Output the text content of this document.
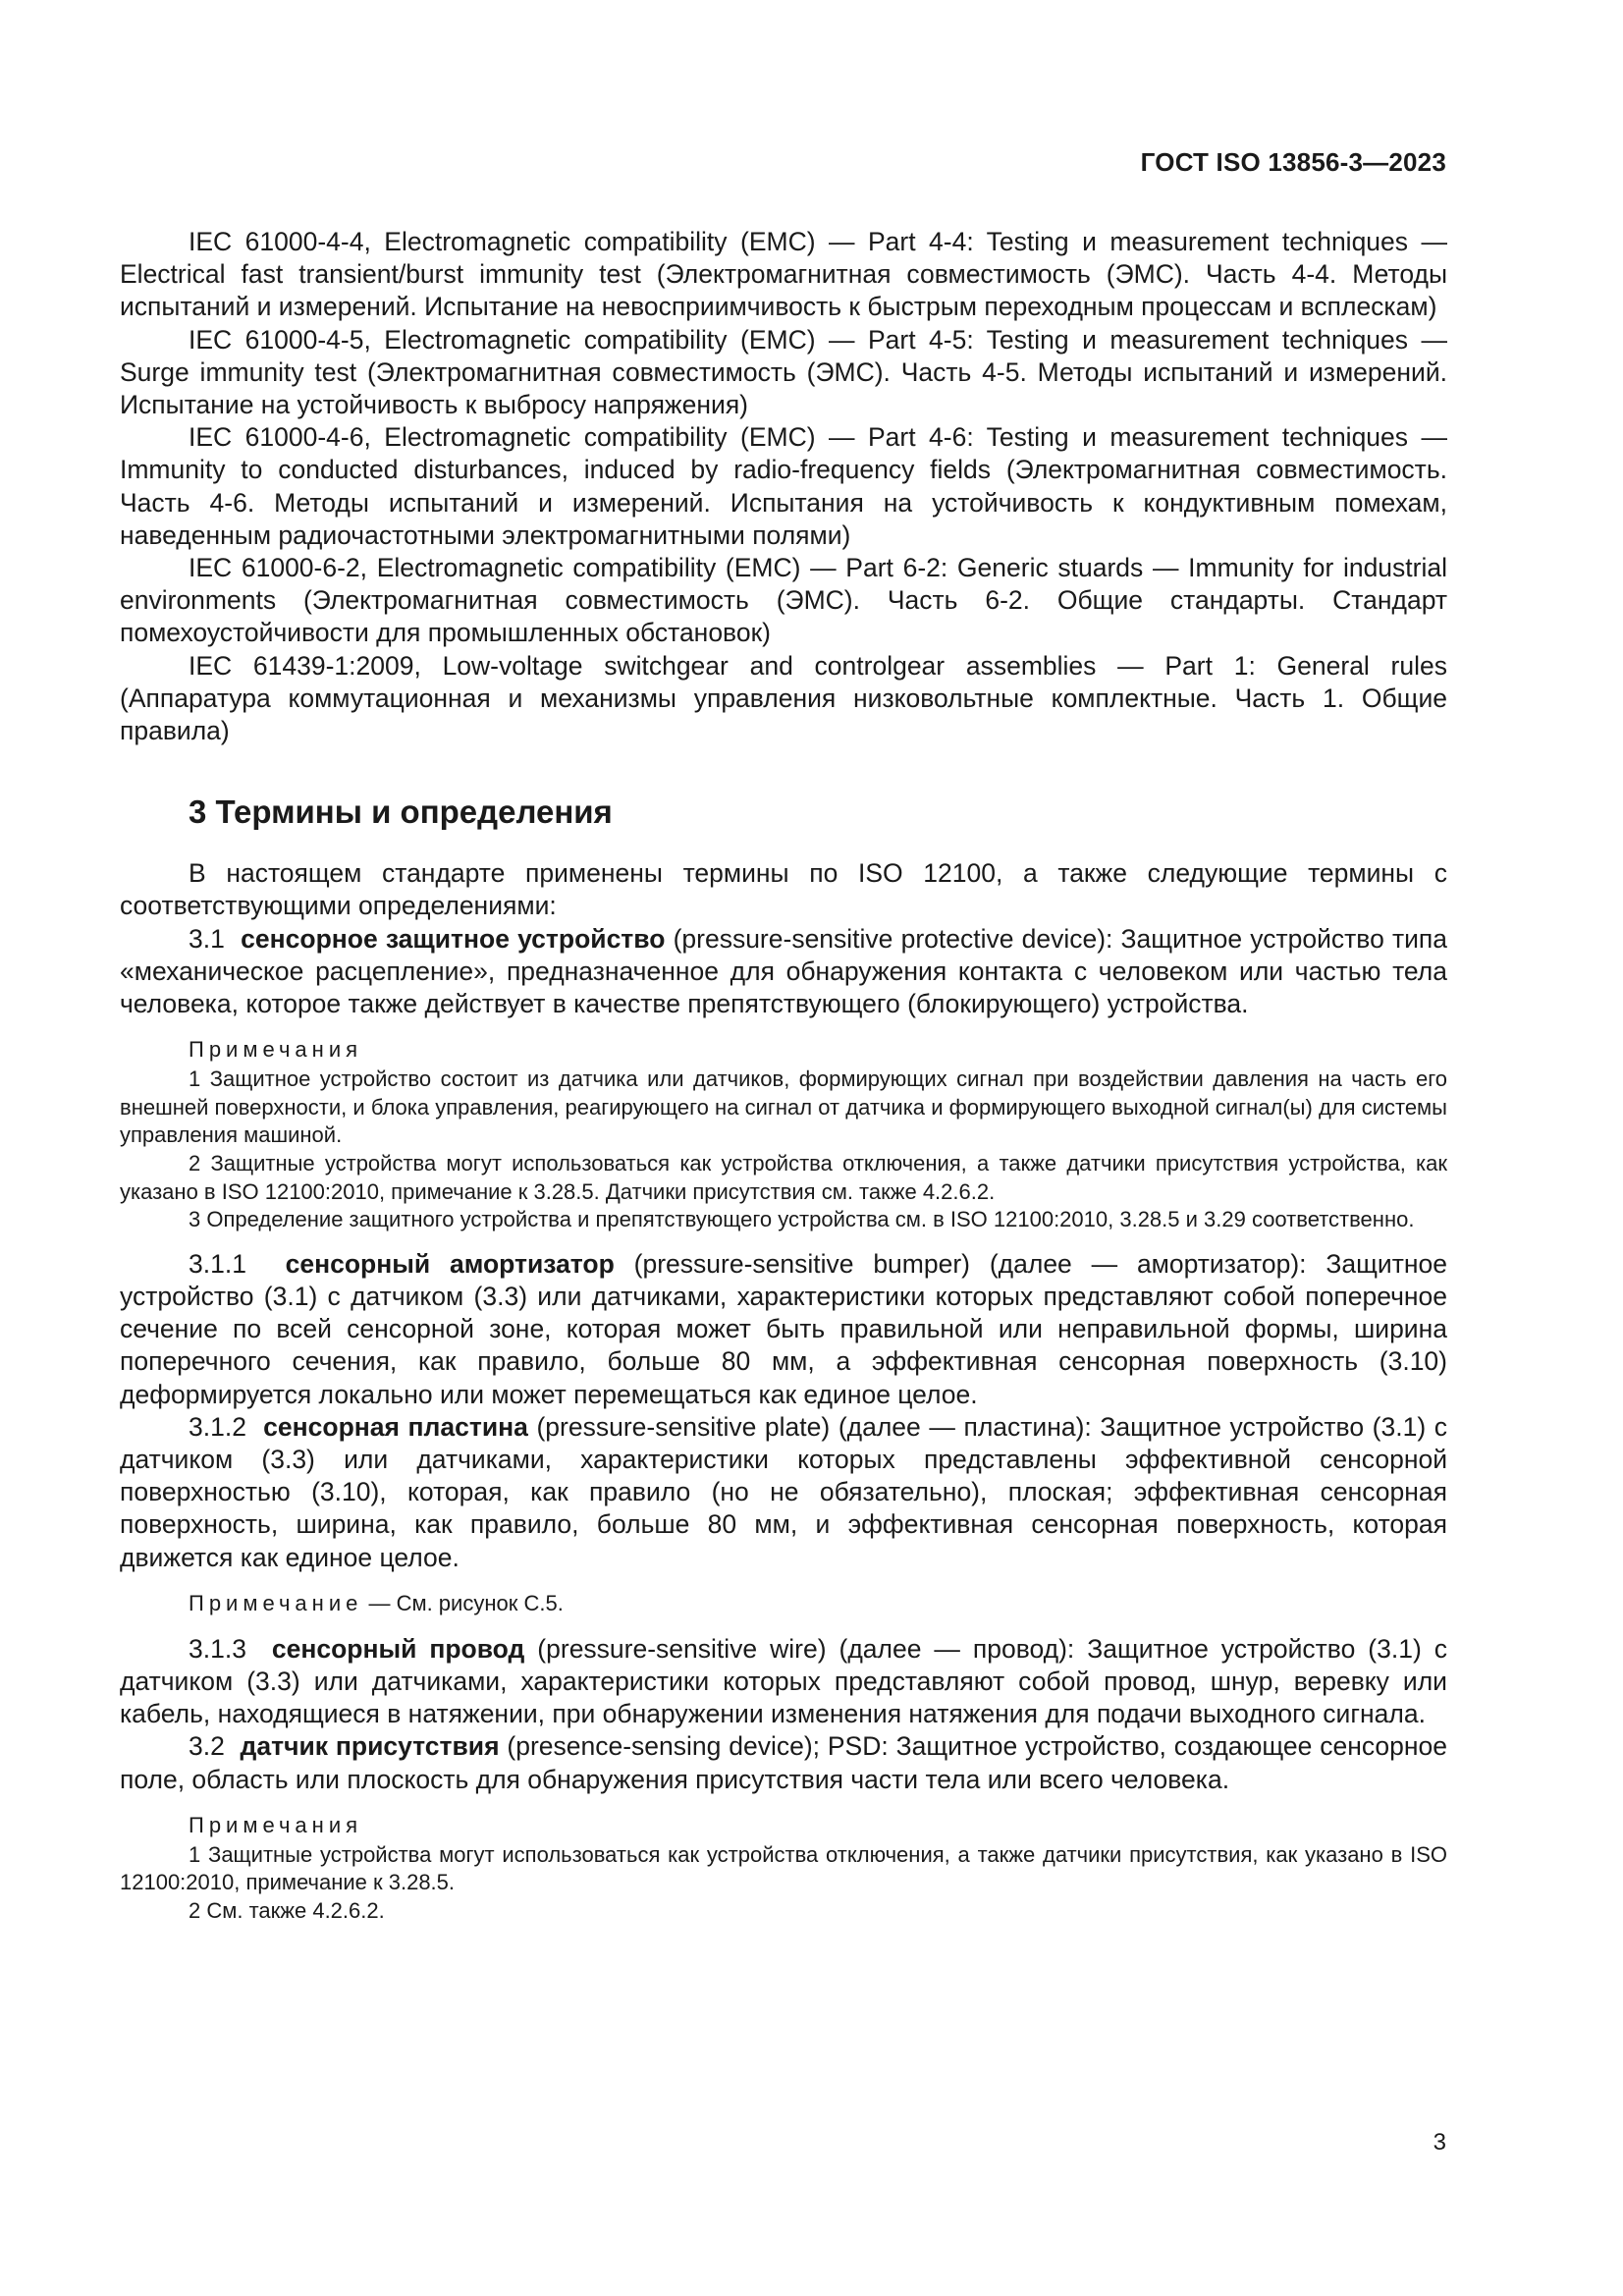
ГОСТ ISO 13856-3—2023

IEC 61000-4-4, Electromagnetic compatibility (EMC) — Part 4-4: Testing и measurement techniques — Electrical fast transient/burst immunity test (Электромагнитная совместимость (ЭМС). Часть 4-4. Методы испытаний и измерений. Испытание на невосприимчивость к быстрым переходным процессам и всплескам)

IEC 61000-4-5, Electromagnetic compatibility (EMC) — Part 4-5: Testing и measurement techniques — Surge immunity test (Электромагнитная совместимость (ЭМС). Часть 4-5. Методы испытаний и измерений. Испытание на устойчивость к выбросу напряжения)

IEC 61000-4-6, Electromagnetic compatibility (EMC) — Part 4-6: Testing и measurement techniques — Immunity to conducted disturbances, induced by radio-frequency fields (Электромагнитная совместимость. Часть 4-6. Методы испытаний и измерений. Испытания на устойчивость к кондуктивным помехам, наведенным радиочастотными электромагнитными полями)

IEC 61000-6-2, Electromagnetic compatibility (EMC) — Part 6-2: Generic stuards — Immunity for industrial environments (Электромагнитная совместимость (ЭМС). Часть 6-2. Общие стандарты. Стандарт помехоустойчивости для промышленных обстановок)

IEC 61439-1:2009, Low-voltage switchgear and controlgear assemblies — Part 1: General rules (Аппаратура коммутационная и механизмы управления низковольтные комплектные. Часть 1. Общие правила)

3 Термины и определения

В настоящем стандарте применены термины по ISO 12100, а также следующие термины с соответствующими определениями:

3.1 сенсорное защитное устройство (pressure-sensitive protective device): Защитное устройство типа «механическое расцепление», предназначенное для обнаружения контакта с человеком или частью тела человека, которое также действует в качестве препятствующего (блокирующего) устройства.

Примечания

1 Защитное устройство состоит из датчика или датчиков, формирующих сигнал при воздействии давления на часть его внешней поверхности, и блока управления, реагирующего на сигнал от датчика и формирующего выходной сигнал(ы) для системы управления машиной.

2 Защитные устройства могут использоваться как устройства отключения, а также датчики присутствия устройства, как указано в ISO 12100:2010, примечание к 3.28.5. Датчики присутствия см. также 4.2.6.2.

3 Определение защитного устройства и препятствующего устройства см. в ISO 12100:2010, 3.28.5 и 3.29 соответственно.

3.1.1 сенсорный амортизатор (pressure-sensitive bumper) (далее — амортизатор): Защитное устройство (3.1) с датчиком (3.3) или датчиками, характеристики которых представляют собой поперечное сечение по всей сенсорной зоне, которая может быть правильной или неправильной формы, ширина поперечного сечения, как правило, больше 80 мм, а эффективная сенсорная поверхность (3.10) деформируется локально или может перемещаться как единое целое.

3.1.2 сенсорная пластина (pressure-sensitive plate) (далее — пластина): Защитное устройство (3.1) с датчиком (3.3) или датчиками, характеристики которых представлены эффективной сенсорной поверхностью (3.10), которая, как правило (но не обязательно), плоская; эффективная сенсорная поверхность, ширина, как правило, больше 80 мм, и эффективная сенсорная поверхность, которая движется как единое целое.

Примечание — См. рисунок С.5.

3.1.3 сенсорный провод (pressure-sensitive wire) (далее — провод): Защитное устройство (3.1) с датчиком (3.3) или датчиками, характеристики которых представляют собой провод, шнур, веревку или кабель, находящиеся в натяжении, при обнаружении изменения натяжения для подачи выходного сигнала.

3.2 датчик присутствия (presence-sensing device); PSD: Защитное устройство, создающее сенсорное поле, область или плоскость для обнаружения присутствия части тела или всего человека.

Примечания

1 Защитные устройства могут использоваться как устройства отключения, а также датчики присутствия, как указано в ISO 12100:2010, примечание к 3.28.5.

2 См. также 4.2.6.2.

3
